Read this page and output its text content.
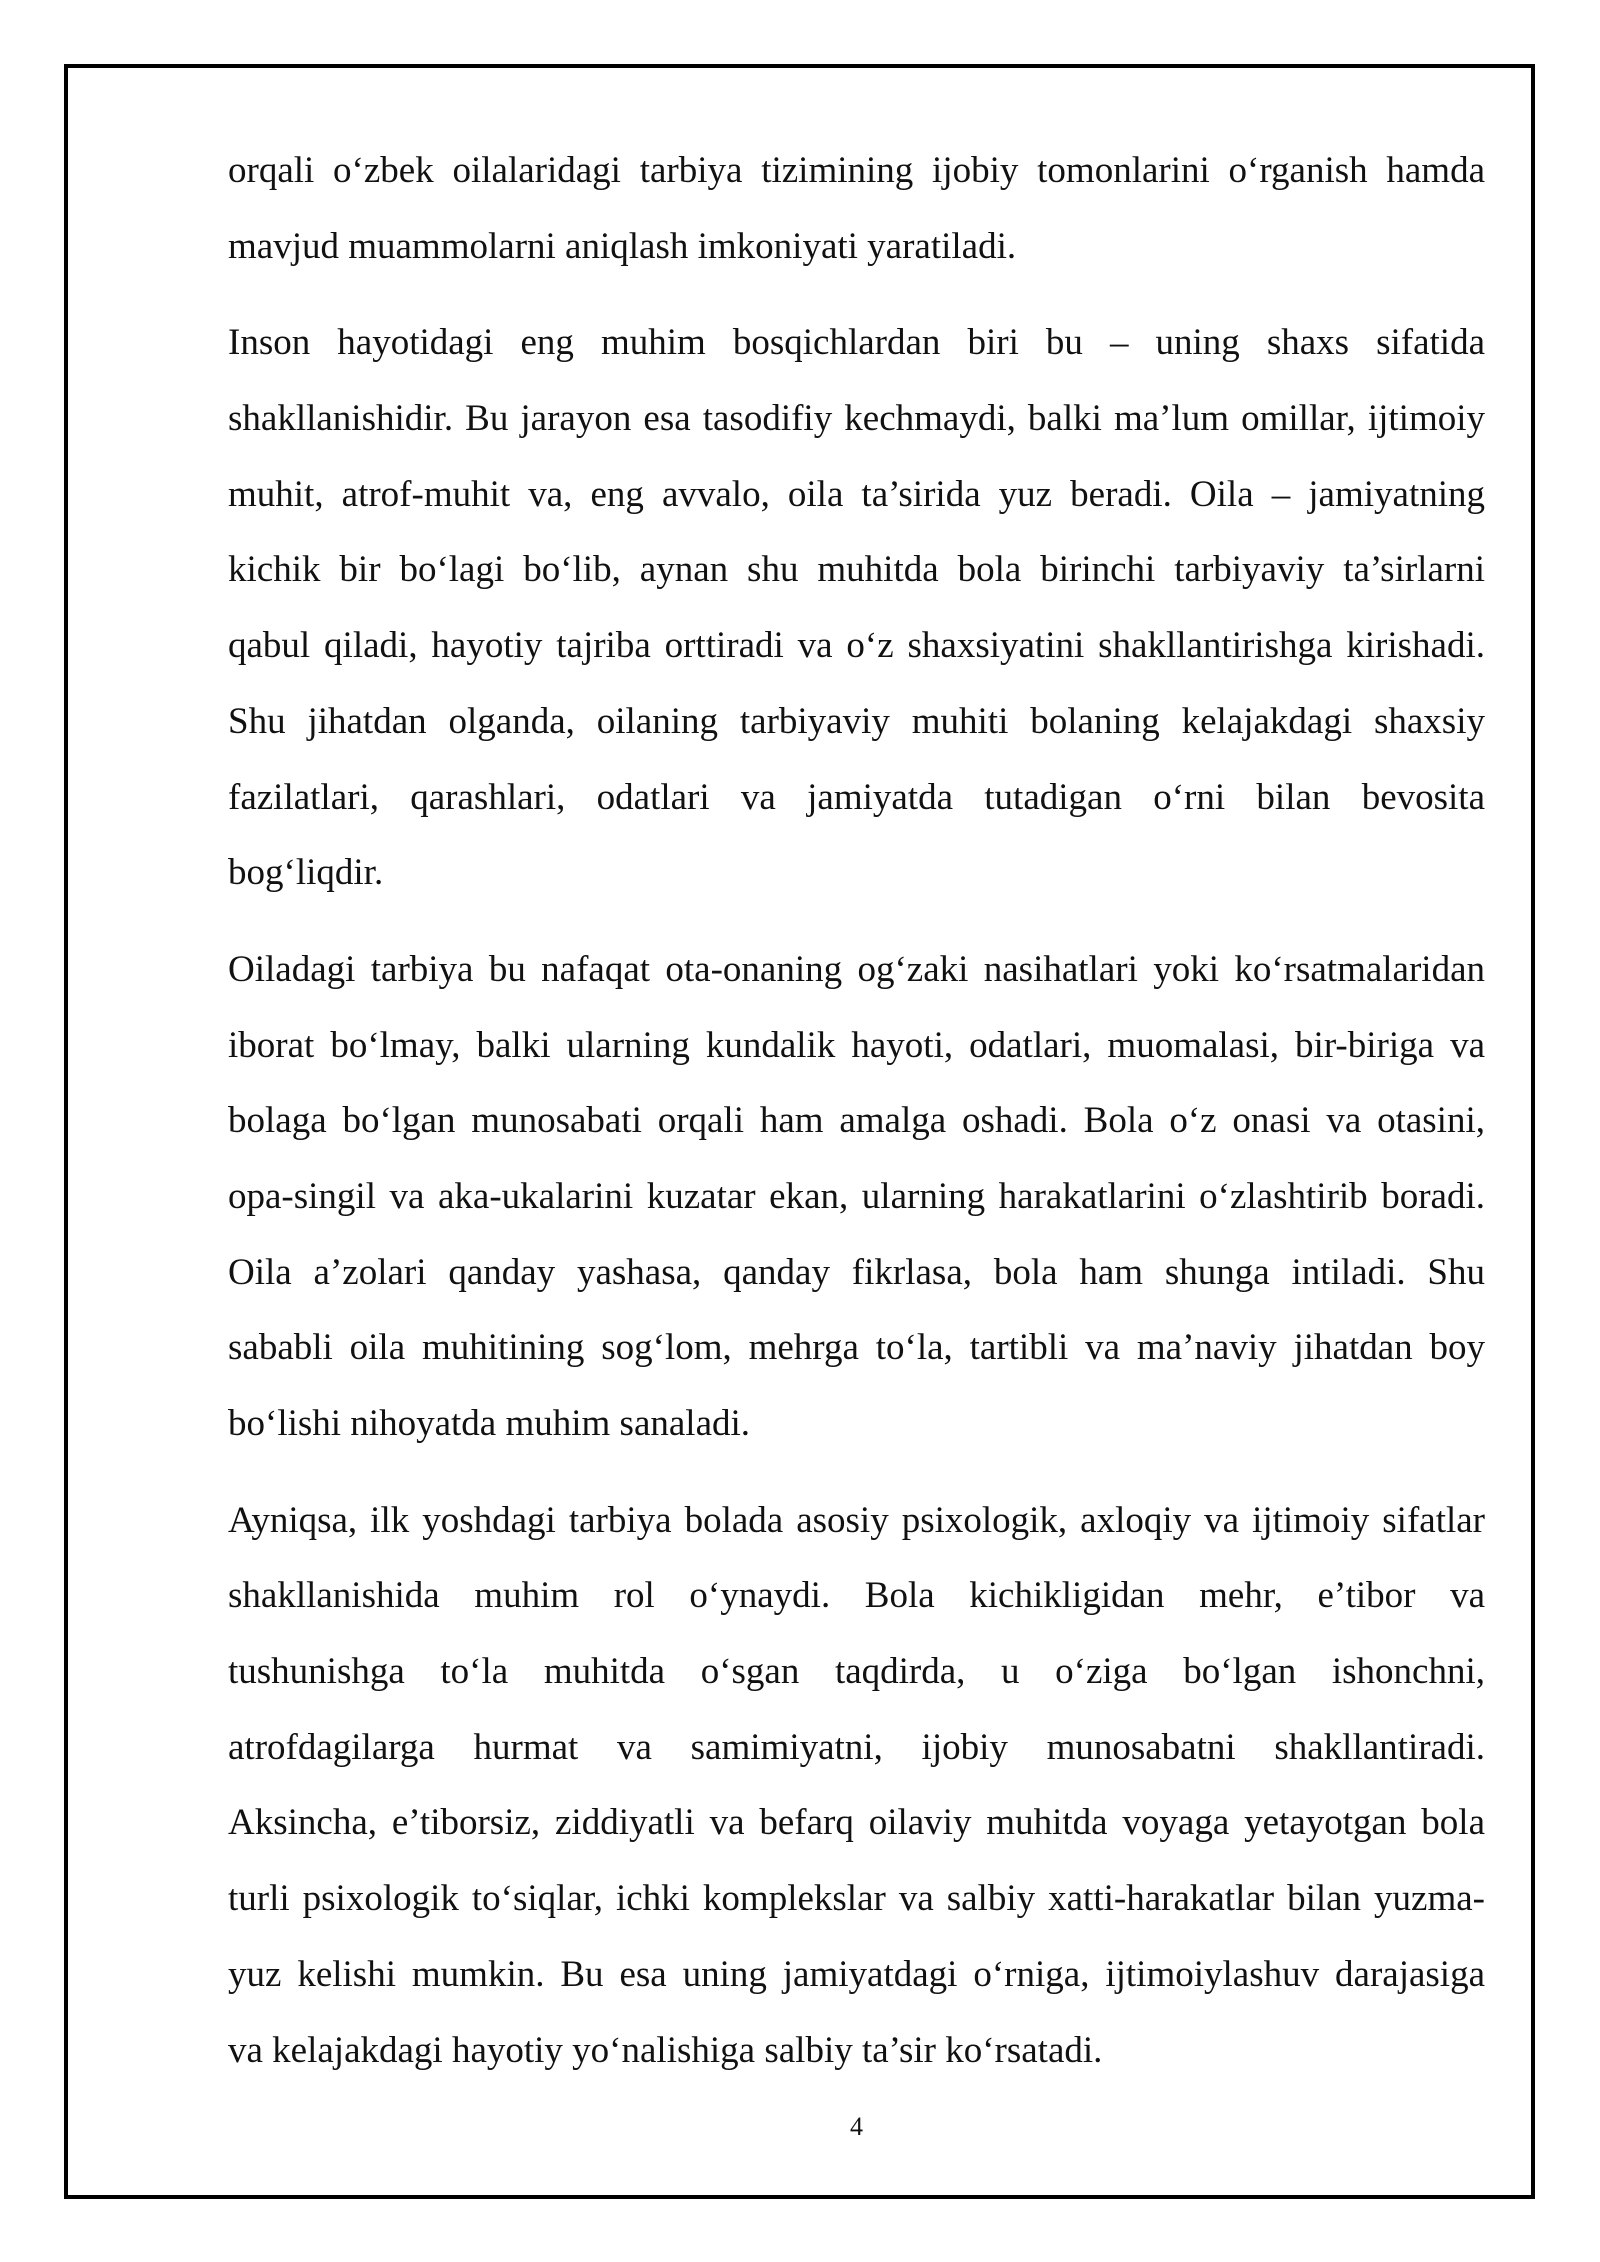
orqali o‘zbek oilalaridagi tarbiya tizimining ijobiy tomonlarini o‘rganish hamda
mavjud muammolarni aniqlash imkoniyati yaratiladi.
Inson hayotidagi eng muhim bosqichlardan biri bu – uning shaxs sifatida
shakllanishidir. Bu jarayon esa tasodifiy kechmaydi, balki ma’lum omillar, ijtimoiy
muhit, atrof-muhit va, eng avvalo, oila ta’sirida yuz beradi. Oila – jamiyatning
kichik bir bo‘lagi bo‘lib, aynan shu muhitda bola birinchi tarbiyaviy ta’sirlarni
qabul qiladi, hayotiy tajriba orttiradi va o‘z shaxsiyatini shakllantirishga kirishadi.
Shu jihatdan olganda, oilaning tarbiyaviy muhiti bolaning kelajakdagi shaxsiy
fazilatlari, qarashlari, odatlari va jamiyatda tutadigan o‘rni bilan bevosita
bog‘liqdir.
Oiladagi tarbiya bu nafaqat ota-onaning og‘zaki nasihatlari yoki ko‘rsatmalaridan
iborat bo‘lmay, balki ularning kundalik hayoti, odatlari, muomalasi, bir-biriga va
bolaga bo‘lgan munosabati orqali ham amalga oshadi. Bola o‘z onasi va otasini,
opa-singil va aka-ukalarini kuzatar ekan, ularning harakatlarini o‘zlashtirib boradi.
Oila a’zolari qanday yashasa, qanday fikrlasa, bola ham shunga intiladi. Shu
sababli oila muhitining sog‘lom, mehrga to‘la, tartibli va ma’naviy jihatdan boy
bo‘lishi nihoyatda muhim sanaladi.
Ayniqsa, ilk yoshdagi tarbiya bolada asosiy psixologik, axloqiy va ijtimoiy sifatlar
shakllanishida muhim rol o‘ynaydi. Bola kichikligidan mehr, e’tibor va
tushunishga to‘la muhitda o‘sgan taqdirda, u o‘ziga bo‘lgan ishonchni,
atrofdagilarga hurmat va samimiyatni, ijobiy munosabatni shakllantiradi.
Aksincha, e’tiborsiz, ziddiyatli va befarq oilaviy muhitda voyaga yetayotgan bola
turli psixologik to‘siqlar, ichki komplekslar va salbiy xatti-harakatlar bilan yuzma-
yuz kelishi mumkin. Bu esa uning jamiyatdagi o‘rniga, ijtimoiylashuv darajasiga
va kelajakdagi hayotiy yo‘nalishiga salbiy ta’sir ko‘rsatadi.
4
